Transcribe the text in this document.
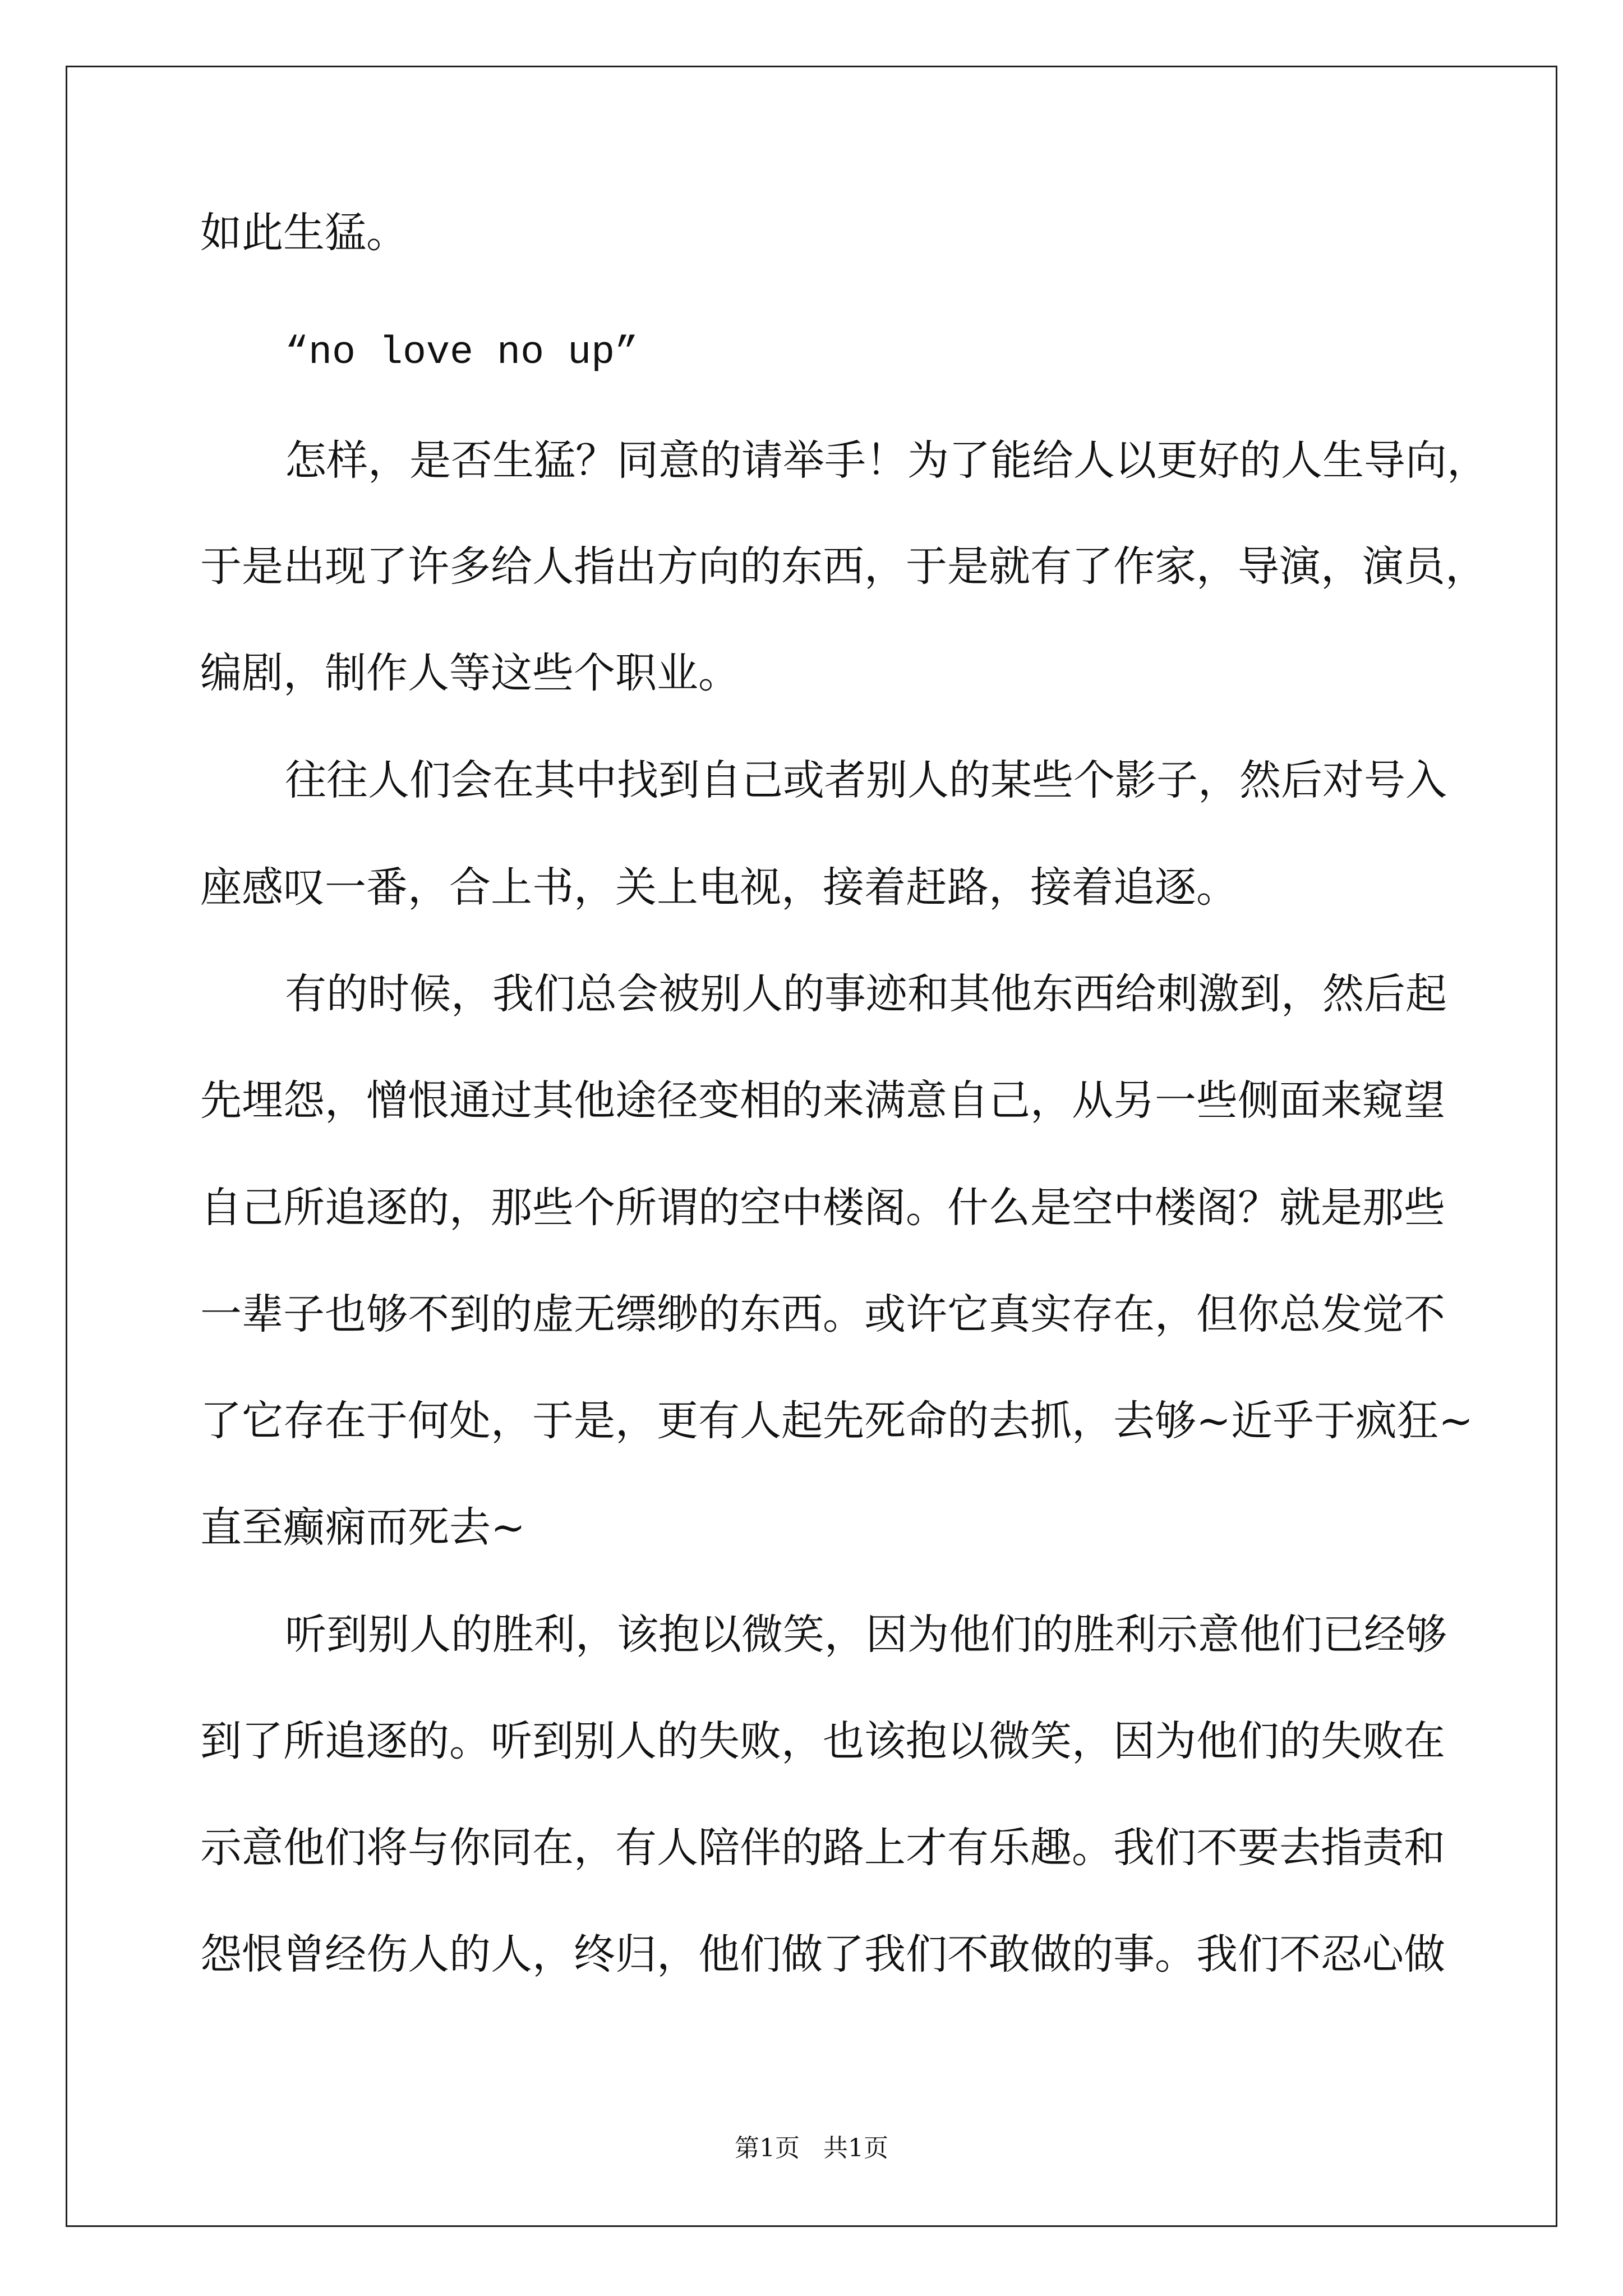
如此生猛。
“no love no up”
怎样，是否生猛？同意的请举手！为了能给人以更好的人生导向，
于是出现了许多给人指出方向的东西，于是就有了作家，导演，演员，
编剧，制作人等这些个职业。
往往人们会在其中找到自己或者别人的某些个影子，然后对号入
座感叹一番，合上书，关上电视，接着赶路，接着追逐。
有的时候，我们总会被别人的事迹和其他东西给刺激到，然后起
先埋怨，憎恨通过其他途径变相的来满意自己，从另一些侧面来窥望
自己所追逐的，那些个所谓的空中楼阁。什么是空中楼阁？就是那些
一辈子也够不到的虚无缥缈的东西。或许它真实存在，但你总发觉不
了它存在于何处，于是，更有人起先死命的去抓，去够~近乎于疯狂~
直至癫痫而死去~
听到别人的胜利，该抱以微笑，因为他们的胜利示意他们已经够
到了所追逐的。听到别人的失败，也该抱以微笑，因为他们的失败在
示意他们将与你同在，有人陪伴的路上才有乐趣。我们不要去指责和
怨恨曾经伤人的人，终归，他们做了我们不敢做的事。我们不忍心做
第1页   共1页
